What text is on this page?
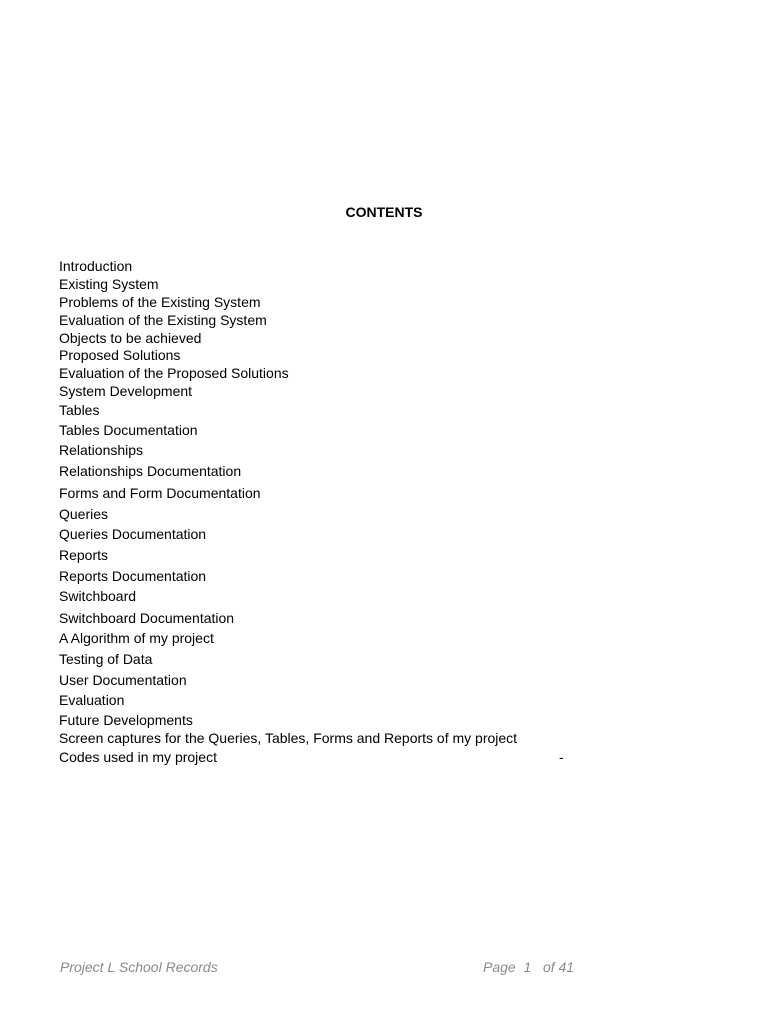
CONTENTS
Introduction
Existing System
Problems of the Existing System
Evaluation of the Existing System
Objects to be achieved
Proposed Solutions
Evaluation of the Proposed Solutions
System Development
Tables
Tables Documentation
Relationships
Relationships Documentation
Forms and Form Documentation
Queries
Queries Documentation
Reports
Reports Documentation
Switchboard
Switchboard Documentation
A Algorithm of my project
Testing of Data
User Documentation
Evaluation
Future Developments
Screen captures for the Queries, Tables, Forms and Reports of my project
Codes used in my project	-
Project L School Records	Page 1 of 41
